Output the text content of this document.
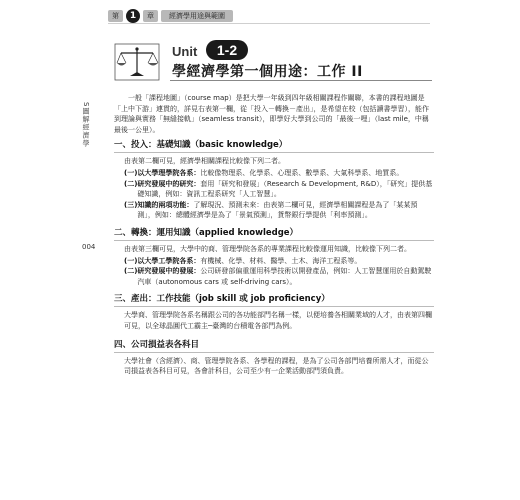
第	1	章	經濟學用途與範圍
Unit	1-2
學經濟學第一個用途：工作 II
S圖解經濟學
004

一般「課程地圖」（course map）是把大學一年級到四年級相關課程作關聯，本書的課程地圖是「上中下游」連貫的，詳見右表第一欄，從「投入－轉換－產出」，是希望在校（包括讀書學習），能作到理論與實務「無縫接軌」（seamless transit），即學好大學到公司的「最後一哩」（last mile，中稱最後一公里）。

一、投入：基礎知識（basic knowledge）

由表第二欄可見，經濟學相關課程比較像下列二者。

(一) 以大學理學院各系：比較像物理系、化學系、心理系、數學系、大氣科學系、地質系。
(二) 研究發展中的研究：套用「研究和發展」（Research & Development, R&D），「研究」提供基礎知識，例如：資訊工程系研究「人工智慧」。
(三) 知識的兩項功能：了解現況、預測未來：由表第二欄可見，經濟學相關課程是為了「某某預測」，例如：總體經濟學是為了「景氣預測」，貨幣銀行學提供「利率預測」。
二、轉換：運用知識（applied knowledge）

由表第三欄可見，大學中的商、管理學院各系的專業課程比較像運用知識，比較像下列二者。

(一) 以大學工學院各系：有機械、化學、材料、醫學、土木、海洋工程系等。
(二) 研究發展中的發展：公司研發部偏重運用科學技術以開發產品，例如：人工智慧運用於自動駕駛汽車（autonomous cars 或 self-driving cars）。
三、產出：工作技能（job skill 或 job proficiency）

大學商、管理學院各系名稱跟公司的各功能部門名稱一樣，以便培養各相關業域的人才，由表第四欄可見，以全球晶圓代工霸主─臺灣的台積電各部門為例。

四、公司損益表各科目

大學社會（含經濟）、商、管理學院各系、各學程的課程，是為了公司各部門培養所需人才，而從公司損益表各科目可見，各會計科目，公司至少有一企業活動部門須負責。
